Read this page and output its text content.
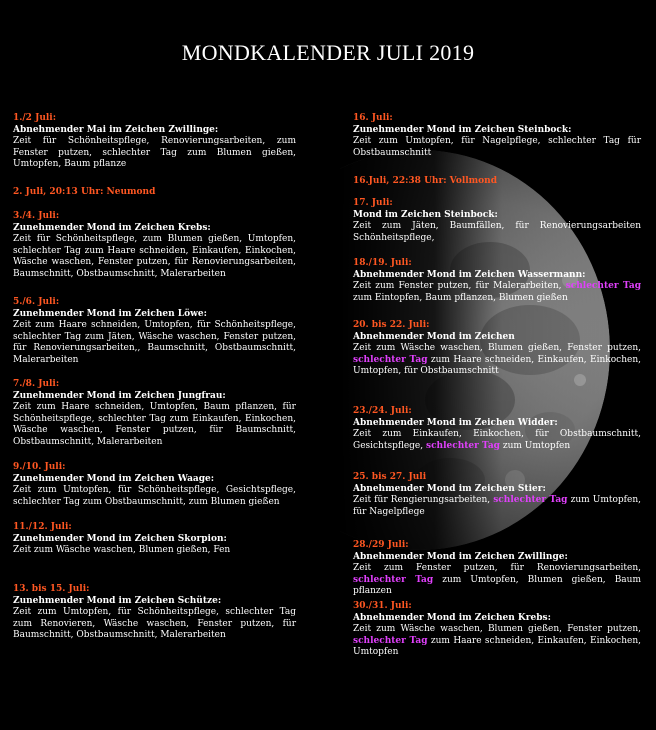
MONDKALENDER JULI 2019
1./2 Juli:
Abnehmender Mai im Zeichen Zwillinge:
Zeit für Schönheitspflege, Renovierungsarbeiten, zum Fenster putzen, schlechter Tag zum Blumen gießen, Umtopfen, Baum pflanze
2. Juli, 20:13 Uhr: Neumond
3./4. Juli:
Zunehmender Mond im Zeichen Krebs:
Zeit für Schönheitspflege, zum Blumen gießen, Umtopfen, schlechter Tag zum Haare schneiden, Einkaufen, Einkochen, Wäsche waschen, Fenster putzen, für Renovierungsarbeiten, Baumschnitt, Obstbaumschnitt, Malerarbeiten
5./6. Juli:
Zunehmender Mond im Zeichen Löwe:
Zeit zum Haare schneiden, Umtopfen, für Schönheitspflege, schlechter Tag zum Jäten, Wäsche waschen, Fenster putzen, für Renovierungsarbeiten,, Baumschnitt, Obstbaumschnitt, Malerarbeiten
7./8. Juli:
Zunehmender Mond im Zeichen Jungfrau:
Zeit zum Haare schneiden, Umtopfen, Baum pflanzen, für Schönheitspflege, schlechter Tag zum Einkaufen, Einkochen, Wäsche waschen, Fenster putzen, für Baumschnitt, Obstbaumschnitt, Malerarbeiten
9./10. Juli:
Zunehmender Mond im Zeichen Waage:
Zeit zum Umtopfen, für Schönheitspflege, Gesichtspflege, schlechter Tag zum Obstbaumschnitt, zum Blumen gießen
11./12. Juli:
Zunehmender Mond im Zeichen Skorpion:
Zeit zum Wäsche waschen, Blumen gießen, Fen
13. bis 15. Juli:
Zunehmender Mond im Zeichen Schütze:
Zeit zum Umtopfen, für Schönheitspflege, schlechter Tag zum Renovieren, Wäsche waschen, Fenster putzen, für Baumschnitt, Obstbaumschnitt, Malerarbeiten
16. Juli:
Zunehmender Mond im Zeichen Steinbock:
Zeit zum Umtopfen, für Nagelpflege, schlechter Tag für Obstbaumschnitt
16.Juli, 22:38 Uhr: Vollmond
17. Juli:
Mond im Zeichen Steinbock:
Zeit zum Jäten, Baumfällen, für Renovierungsarbeiten Schönheitspflege,
18./19. Juli:
Abnehmender Mond im Zeichen Wassermann:
Zeit zum Fenster putzen, für Malerarbeiten, schlechter Tag zum Eintopfen, Baum pflanzen, Blumen gießen
20. bis 22. Juli:
Abnehmender Mond im Zeichen
Zeit zum Wäsche waschen, Blumen gießen, Fenster putzen, schlechter Tag zum Haare schneiden, Einkaufen, Einkochen, Umtopfen, für Obstbaumschnitt
23./24. Juli:
Abnehmender Mond im Zeichen Widder:
Zeit zum Einkaufen, Einkochen, für Obstbaumschnitt, Gesichtspflege, schlechter Tag zum Umtopfen
25. bis 27. Juli
Abnehmender Mond im Zeichen Stier:
Zeit für Rengierungsarbeiten, schlechter Tag zum Umtopfen, für Nagelpflege
28./29 Juli:
Abnehmender Mond im Zeichen Zwillinge:
Zeit zum Fenster putzen, für Renovierungsarbeiten, schlechter Tag zum Umtopfen, Blumen gießen, Baum pflanzen
30./31. Juli:
Abnehmender Mond im Zeichen Krebs:
Zeit zum Wäsche waschen, Blumen gießen, Fenster putzen, schlechter Tag zum Haare schneiden, Einkaufen, Einkochen, Umtopfen
